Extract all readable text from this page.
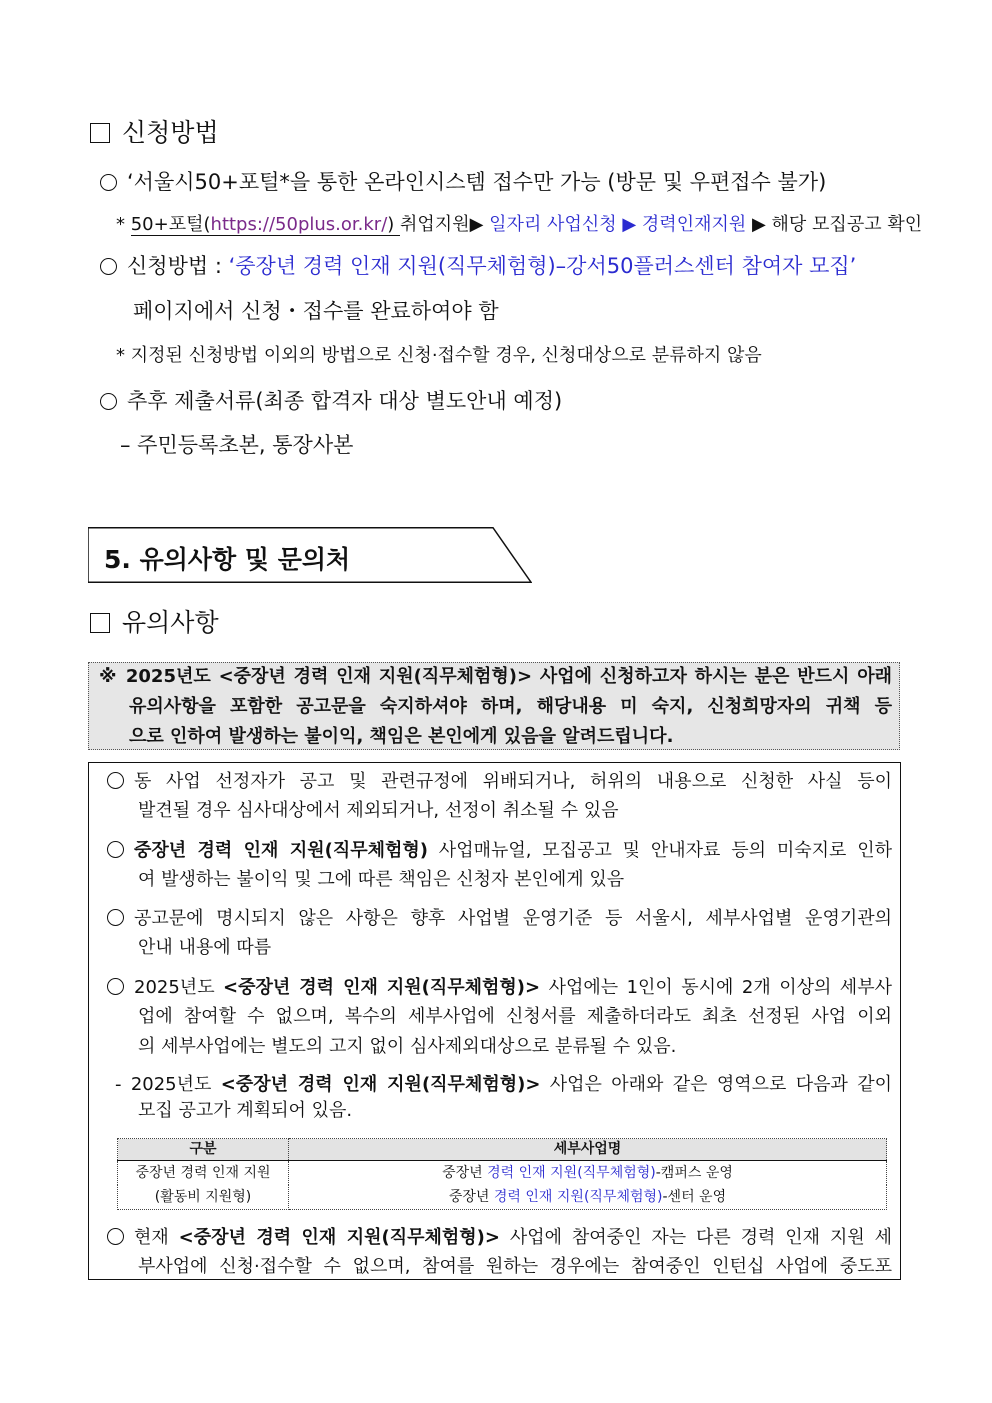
신청방법
‘서울시50+포털*을 통한 온라인시스템 접수만 가능 (방문 및 우편접수 불가)
* 50+포털(https://50plus.or.kr/) 취업지원▶ 일자리 사업신청 ▶ 경력인재지원 ▶ 해당 모집공고 확인
신청방법 : ‘중장년 경력 인재 지원(직무체험형)–강서50플러스센터 참여자 모집’
페이지에서 신청・접수를 완료하여야 함
* 지정된 신청방법 이외의 방법으로 신청·접수할 경우, 신청대상으로 분류하지 않음
추후 제출서류(최종 합격자 대상 별도안내 예정)
– 주민등록초본, 통장사본
5. 유의사항 및 문의처
유의사항
※ 2025년도 <중장년 경력 인재 지원(직무체험형)> 사업에 신청하고자 하시는 분은 반드시 아래
유의사항을 포함한 공고문을 숙지하셔야 하며, 해당내용 미 숙지, 신청희망자의 귀책 등
으로 인하여 발생하는 불이익, 책임은 본인에게 있음을 알려드립니다.
동 사업 선정자가 공고 및 관련규정에 위배되거나, 허위의 내용으로 신청한 사실 등이
발견될 경우 심사대상에서 제외되거나, 선정이 취소될 수 있음
중장년 경력 인재 지원(직무체험형) 사업매뉴얼, 모집공고 및 안내자료 등의 미숙지로 인하
여 발생하는 불이익 및 그에 따른 책임은 신청자 본인에게 있음
공고문에 명시되지 않은 사항은 향후 사업별 운영기준 등 서울시, 세부사업별 운영기관의
안내 내용에 따름
2025년도 <중장년 경력 인재 지원(직무체험형)> 사업에는 1인이 동시에 2개 이상의 세부사
업에 참여할 수 없으며, 복수의 세부사업에 신청서를 제출하더라도 최초 선정된 사업 이외
의 세부사업에는 별도의 고지 없이 심사제외대상으로 분류될 수 있음.
- 2025년도 <중장년 경력 인재 지원(직무체험형)> 사업은 아래와 같은 영역으로 다음과 같이
모집 공고가 계획되어 있음.
현재 <중장년 경력 인재 지원(직무체험형)> 사업에 참여중인 자는 다른 경력 인재 지원 세
부사업에 신청·접수할 수 없으며, 참여를 원하는 경우에는 참여중인 인턴십 사업에 중도포
구분	세부사업명
중장년 경력 인재 지원
(활동비 지원형)	중장년 경력 인재 지원(직무체험형)-캠퍼스 운영
	중장년 경력 인재 지원(직무체험형)-센터 운영
